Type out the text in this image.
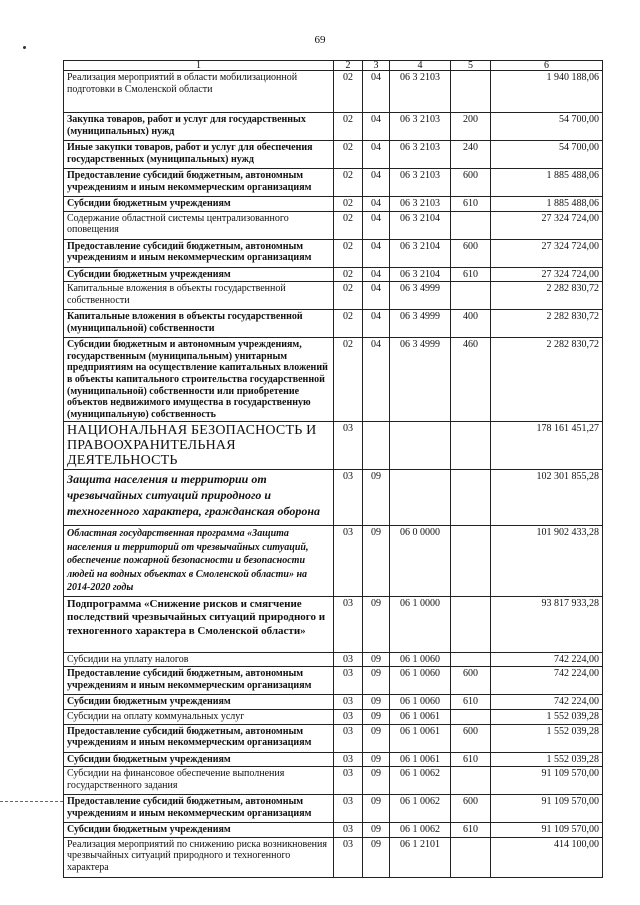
69
1	2	3	4	5	6
Реализация мероприятий в области мобилизационной подготовки в Смоленской области	02	04	06 3 2103		1 940 188,06
Закупка товаров, работ и услуг для государственных (муниципальных) нужд	02	04	06 3 2103	200	54 700,00
Иные закупки товаров, работ и услуг для обеспечения государственных (муниципальных) нужд	02	04	06 3 2103	240	54 700,00
Предоставление субсидий бюджетным, автономным учреждениям и иным некоммерческим организациям	02	04	06 3 2103	600	1 885 488,06
Субсидии бюджетным учреждениям	02	04	06 3 2103	610	1 885 488,06
Содержание областной системы централизованного оповещения	02	04	06 3 2104		27 324 724,00
Предоставление субсидий бюджетным, автономным учреждениям и иным некоммерческим организациям	02	04	06 3 2104	600	27 324 724,00
Субсидии бюджетным учреждениям	02	04	06 3 2104	610	27 324 724,00
Капитальные вложения в объекты государственной собственности	02	04	06 3 4999		2 282 830,72
Капитальные вложения в объекты государственной (муниципальной) собственности	02	04	06 3 4999	400	2 282 830,72
Субсидии бюджетным и автономным учреждениям, государственным (муниципальным) унитарным предприятиям на осуществление капитальных вложений в объекты капитального строительства государственной (муниципальной) собственности или приобретение объектов недвижимого имущества в государственную (муниципальную) собственность	02	04	06 3 4999	460	2 282 830,72
НАЦИОНАЛЬНАЯ БЕЗОПАСНОСТЬ И ПРАВООХРАНИТЕЛЬНАЯ ДЕЯТЕЛЬНОСТЬ	03				178 161 451,27
Защита населения и территории от чрезвычайных ситуаций природного и техногенного характера, гражданская оборона	03	09			102 301 855,28
Областная государственная программа «Защита населения и территорий от чрезвычайных ситуаций, обеспечение пожарной безопасности и безопасности людей на водных объектах в Смоленской области» на 2014-2020 годы	03	09	06 0 0000		101 902 433,28
Подпрограмма «Снижение рисков и смягчение последствий чрезвычайных ситуаций природного и техногенного характера в Смоленской области»	03	09	06 1 0000		93 817 933,28
Субсидии на уплату налогов	03	09	06 1 0060		742 224,00
Предоставление субсидий бюджетным, автономным учреждениям и иным некоммерческим организациям	03	09	06 1 0060	600	742 224,00
Субсидии бюджетным учреждениям	03	09	06 1 0060	610	742 224,00
Субсидии на оплату коммунальных услуг	03	09	06 1 0061		1 552 039,28
Предоставление субсидий бюджетным, автономным учреждениям и иным некоммерческим организациям	03	09	06 1 0061	600	1 552 039,28
Субсидии бюджетным учреждениям	03	09	06 1 0061	610	1 552 039,28
Субсидии на финансовое обеспечение выполнения государственного задания	03	09	06 1 0062		91 109 570,00
Предоставление субсидий бюджетным, автономным учреждениям и иным некоммерческим организациям	03	09	06 1 0062	600	91 109 570,00
Субсидии бюджетным учреждениям	03	09	06 1 0062	610	91 109 570,00
Реализация мероприятий по снижению риска возникновения чрезвычайных ситуаций природного и техногенного характера	03	09	06 1 2101		414 100,00
